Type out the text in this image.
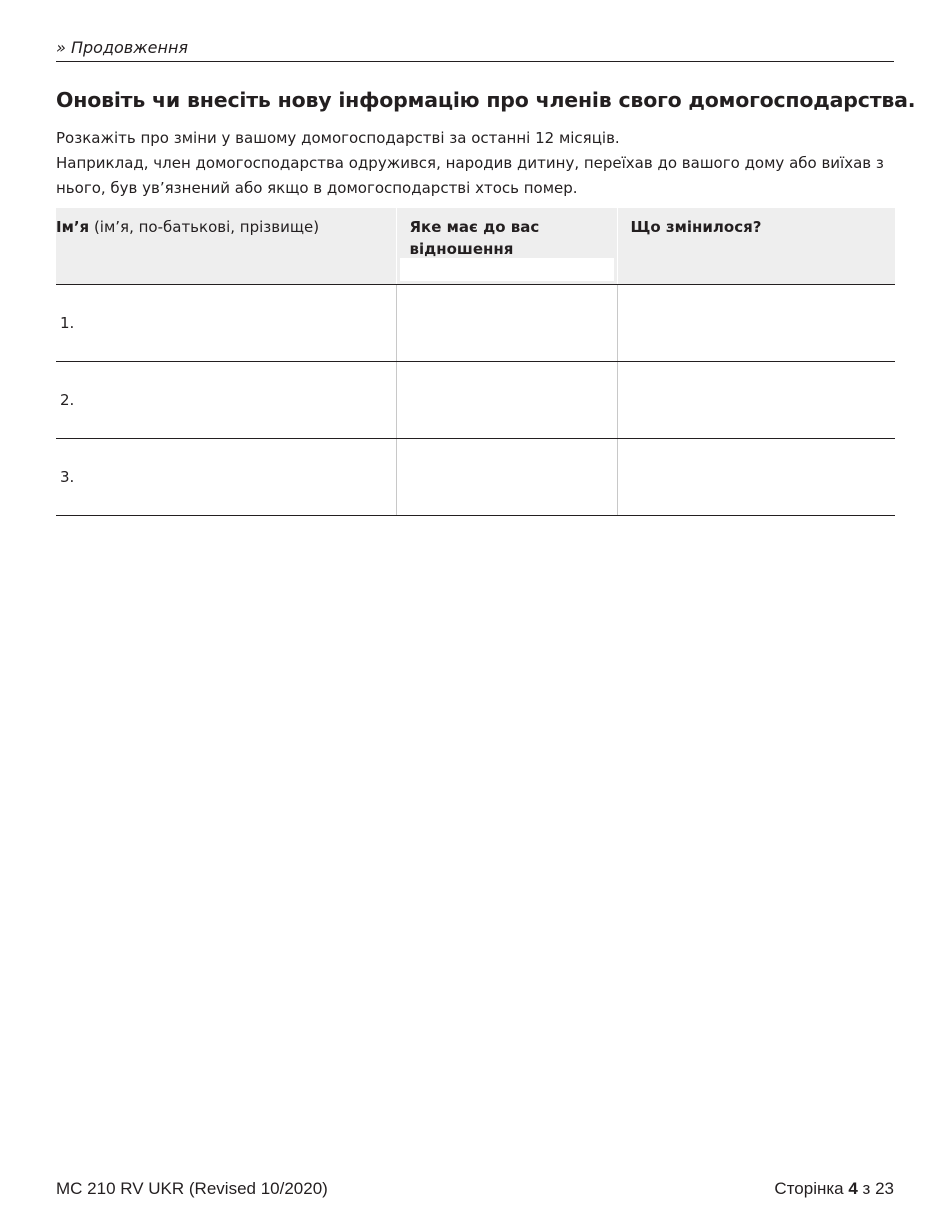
» Продовження
Оновіть чи внесіть нову інформацію про членів свого домогосподарства.

Розкажіть про зміни у вашому домогосподарстві за останні 12 місяців.

Наприклад, член домогосподарства одружився, народив дитину, переїхав до вашого дому або виїхав з нього, був ув’язнений або якщо в домогосподарстві хтось помер.

Ім’я (ім’я, по-батькові, прізвище)	Яке має до вас відношення	Що змінилося?
1.		
2.		
3.		
MC 210 RV UKR (Revised 10/2020)	Сторінка 4 з 23
